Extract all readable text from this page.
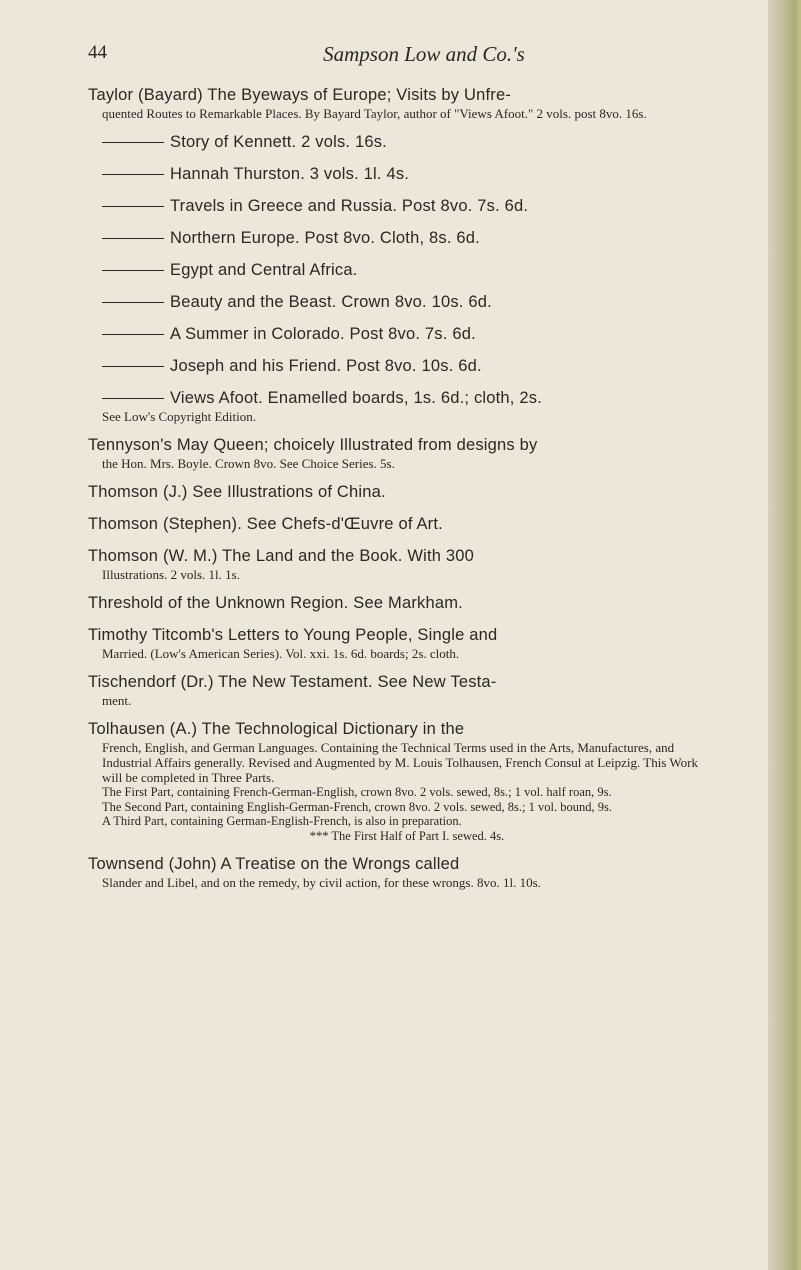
44	Sampson Low and Co.'s
Taylor (Bayard) The Byeways of Europe; Visits by Unfre-
quented Routes to Remarkable Places. By Bayard Taylor, author of "Views Afoot." 2 vols. post 8vo. 16s.
Story of Kennett. 2 vols. 16s.
Hannah Thurston. 3 vols. 1l. 4s.
Travels in Greece and Russia. Post 8vo. 7s. 6d.
Northern Europe. Post 8vo. Cloth, 8s. 6d.
Egypt and Central Africa.
Beauty and the Beast. Crown 8vo. 10s. 6d.
A Summer in Colorado. Post 8vo. 7s. 6d.
Joseph and his Friend. Post 8vo. 10s. 6d.
Views Afoot. Enamelled boards, 1s. 6d.; cloth, 2s.
See Low's Copyright Edition.
Tennyson's May Queen; choicely Illustrated from designs by
the Hon. Mrs. Boyle. Crown 8vo. See Choice Series. 5s.
Thomson (J.) See Illustrations of China.
Thomson (Stephen). See Chefs-d'Œuvre of Art.
Thomson (W. M.) The Land and the Book. With 300
Illustrations. 2 vols. 1l. 1s.
Threshold of the Unknown Region. See Markham.
Timothy Titcomb's Letters to Young People, Single and
Married. (Low's American Series). Vol. xxi. 1s. 6d. boards; 2s. cloth.
Tischendorf (Dr.) The New Testament. See New Testa-
ment.
Tolhausen (A.) The Technological Dictionary in the
French, English, and German Languages. Containing the Technical Terms used in the Arts, Manufactures, and Industrial Affairs generally. Revised and Augmented by M. Louis Tolhausen, French Consul at Leipzig. This Work will be completed in Three Parts.
The First Part, containing French-German-English, crown 8vo. 2 vols. sewed, 8s.; 1 vol. half roan, 9s.
The Second Part, containing English-German-French, crown 8vo. 2 vols. sewed, 8s.; 1 vol. bound, 9s.
A Third Part, containing German-English-French, is also in preparation.
*** The First Half of Part I. sewed. 4s.
Townsend (John) A Treatise on the Wrongs called
Slander and Libel, and on the remedy, by civil action, for these wrongs. 8vo. 1l. 10s.
